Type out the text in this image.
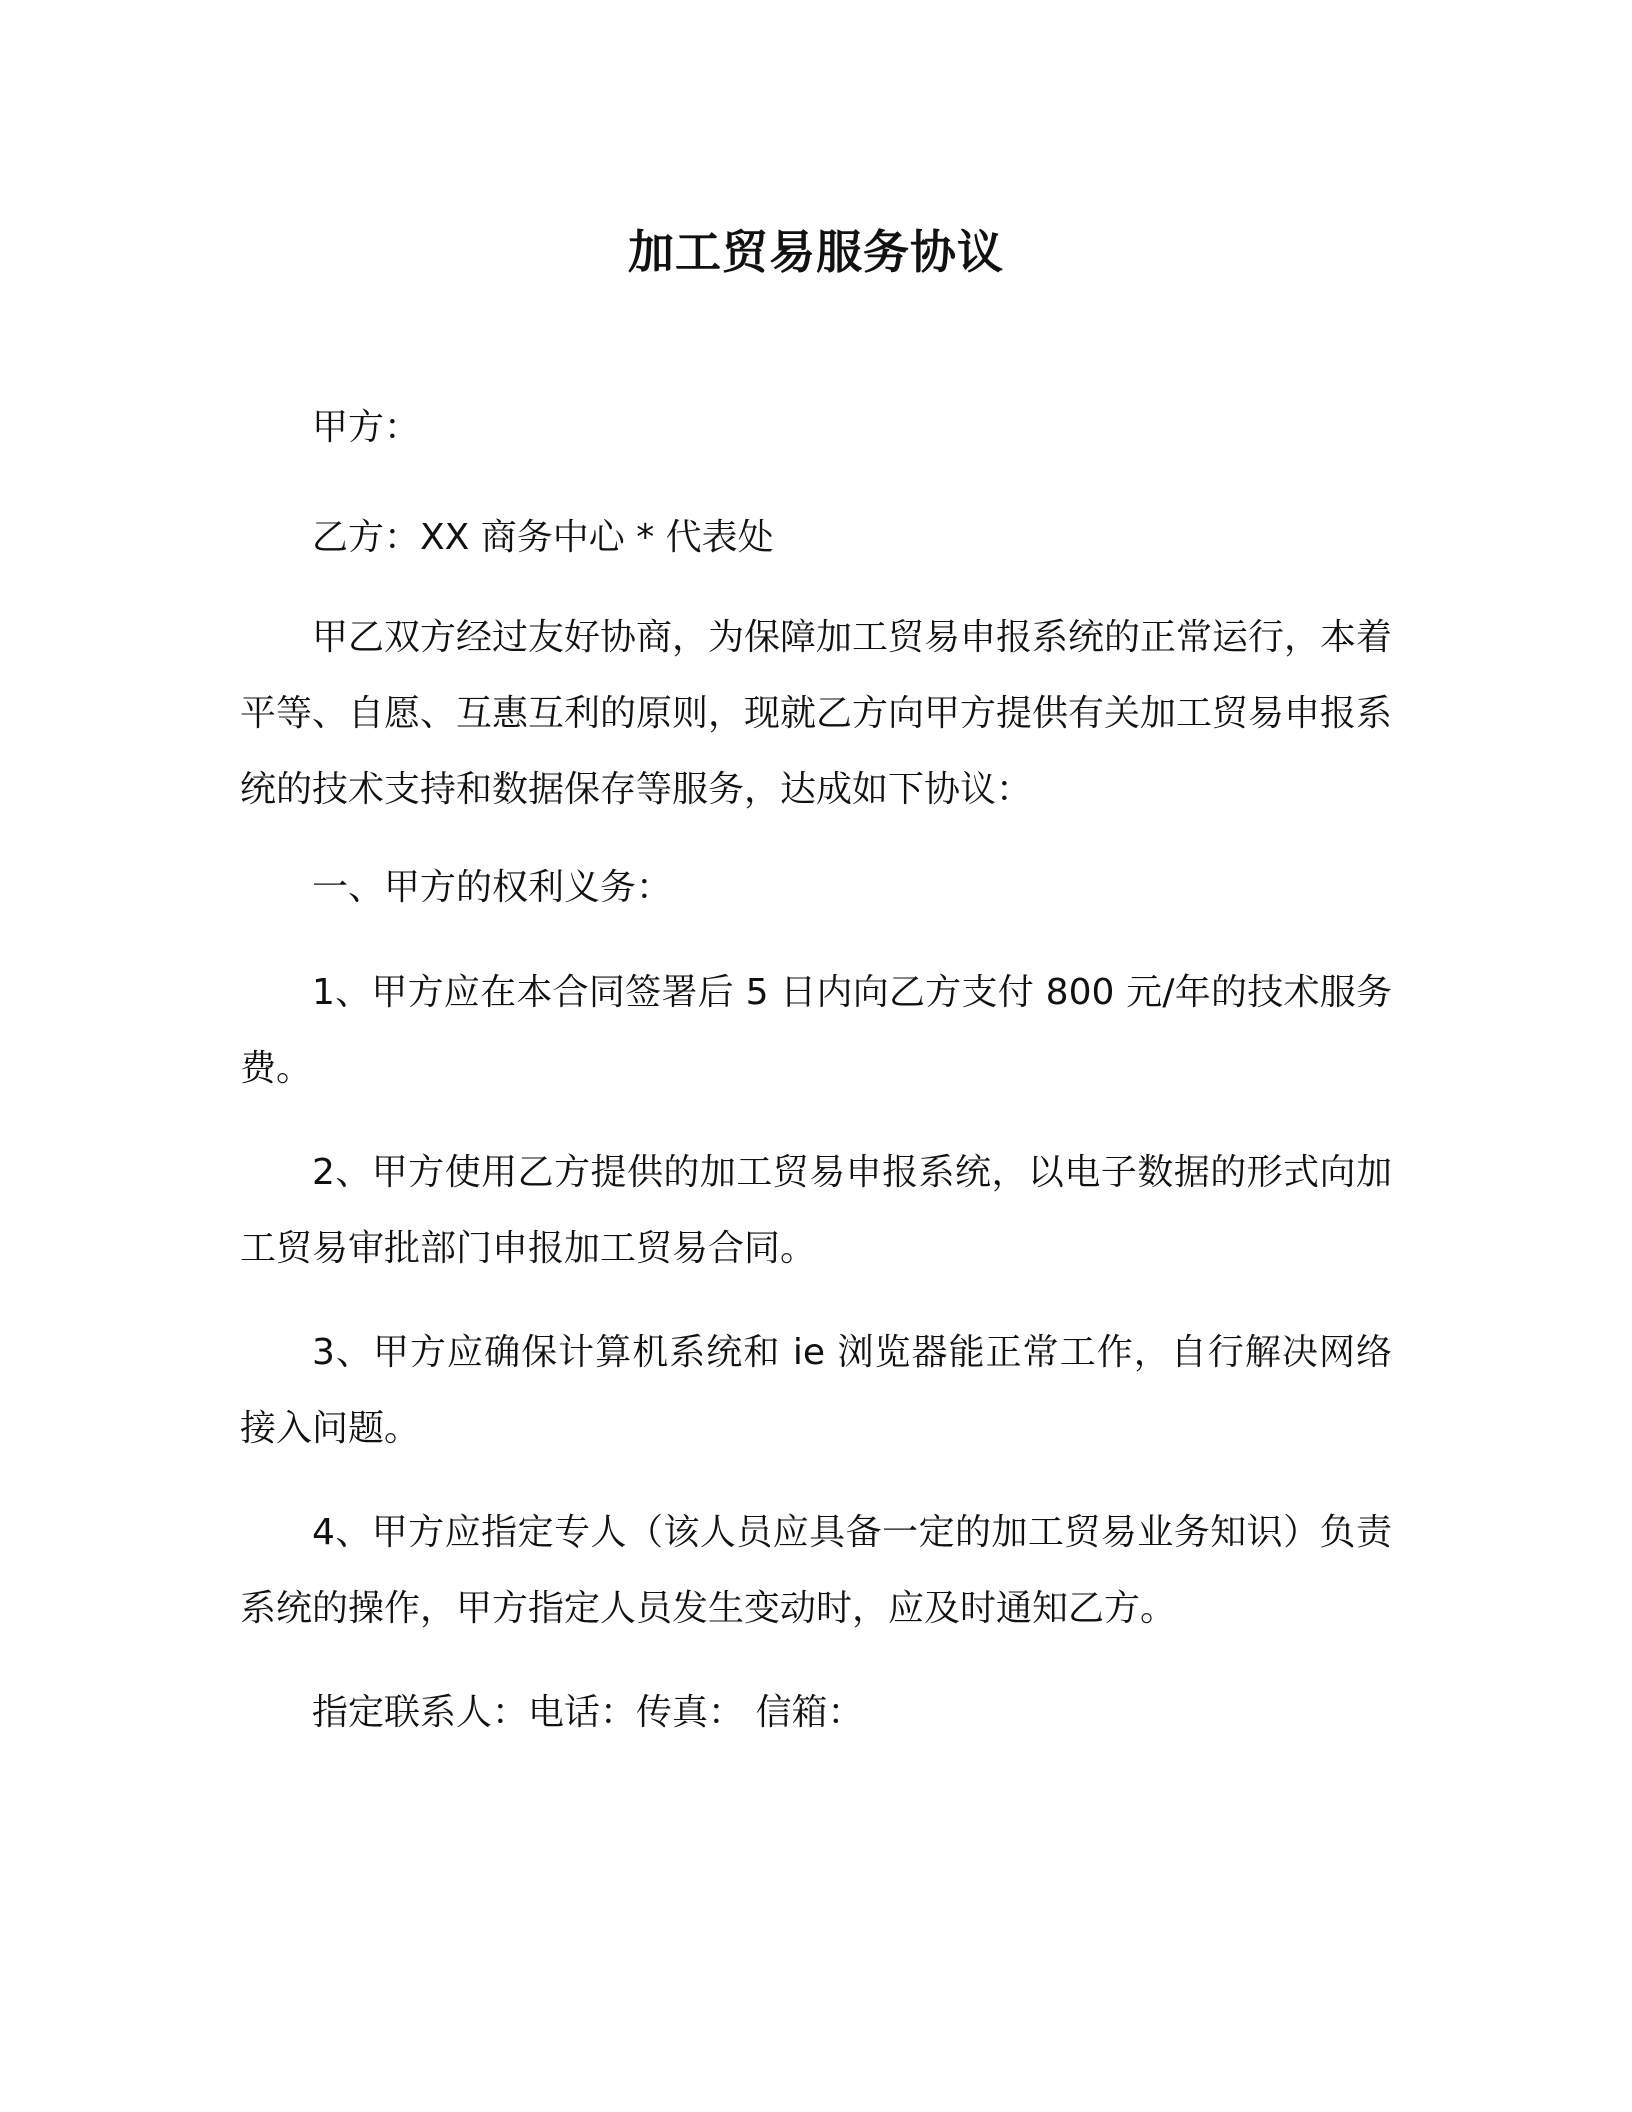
加工贸易服务协议

甲方：

乙方：XX 商务中心 * 代表处

甲乙双方经过友好协商，为保障加工贸易申报系统的正常运行，本着平等、自愿、互惠互利的原则，现就乙方向甲方提供有关加工贸易申报系统的技术支持和数据保存等服务，达成如下协议：

一、甲方的权利义务：

1、甲方应在本合同签署后 5 日内向乙方支付 800 元/年的技术服务费。

2、甲方使用乙方提供的加工贸易申报系统，以电子数据的形式向加工贸易审批部门申报加工贸易合同。

3、甲方应确保计算机系统和 ie 浏览器能正常工作，自行解决网络接入问题。

4、甲方应指定专人（该人员应具备一定的加工贸易业务知识）负责系统的操作，甲方指定人员发生变动时，应及时通知乙方。

指定联系人：电话：传真： 信箱：
